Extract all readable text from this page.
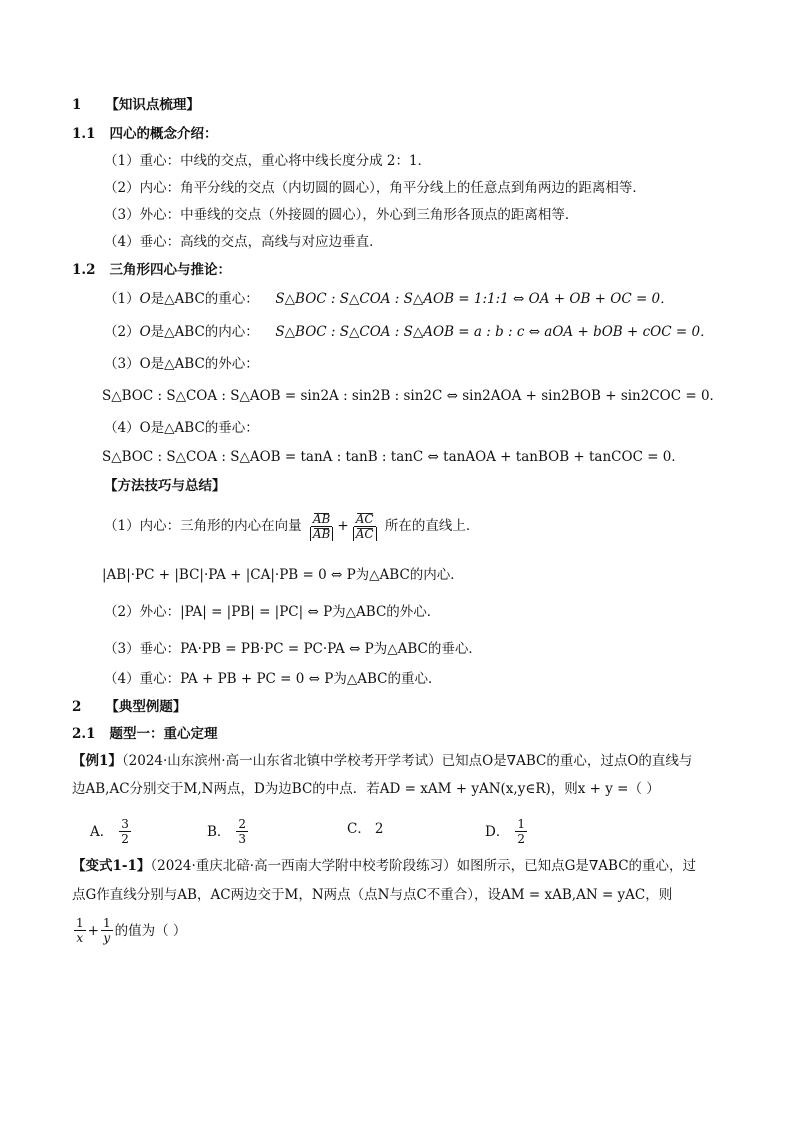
1 【知识点梳理】
1.1 四心的概念介绍：
（1）重心：中线的交点，重心将中线长度分成 2：1．
（2）内心：角平分线的交点（内切圆的圆心），角平分线上的任意点到角两边的距离相等．
（3）外心：中垂线的交点（外接圆的圆心），外心到三角形各顶点的距离相等．
（4）垂心：高线的交点，高线与对应边垂直．
1.2 三角形四心与推论：
（1）O是△ABC的重心： S△BOC : S△COA : S△AOB = 1:1:1 ⇔ OA + OB + OC = 0．
（2）O是△ABC的内心： S△BOC : S△COA : S△AOB = a : b : c ⇔ aOA + bOB + cOC = 0．
（3）O是△ABC的外心：
S△BOC : S△COA : S△AOB = sin2A : sin2B : sin2C ⇔ sin2AOA + sin2BOB + sin2COC = 0．
（4）O是△ABC的垂心：
S△BOC : S△COA : S△AOB = tanA : tanB : tanC ⇔ tanAOA + tanBOB + tanCOC = 0．
【方法技巧与总结】
（1）内心：三角形的内心在向量 $\frac{AB}{AB} + \frac{AC}{AC}$ 所在的直线上．
|AB|·PC + |BC|·PA + |CA|·PB = 0 ⇔ P为△ABC的内心．
（2）外心：|PA| = |PB| = |PC| ⇔ P为△ABC的外心．
（3）垂心：PA·PB = PB·PC = PC·PA ⇔ P为△ABC的垂心．
（4）重心：PA + PB + PC = 0 ⇔ P为△ABC的重心．
2 【典型例题】
2.1 题型一：重心定理
【例1】（2024·山东滨州·高一山东省北镇中学校考开学考试）已知点O是∇ABC的重心，过点O的直线与
边AB,AC分别交于M,N两点，D为边BC的中点．若AD = xAM + yAN(x,y∈R)，则x + y =（ ）
A． $\frac{3}{2}$	B． $\frac{2}{3}$	C． 2	D． $\frac{1}{2}$
【变式1-1】（2024·重庆北碚·高一西南大学附中校考阶段练习）如图所示，已知点G是∇ABC的重心，过
点G作直线分别与AB，AC两边交于M，N两点（点N与点C不重合），设AM = xAB,AN = yAC，则
$\frac{1}{x} + \frac{1}{y}$ 的值为（ ）
